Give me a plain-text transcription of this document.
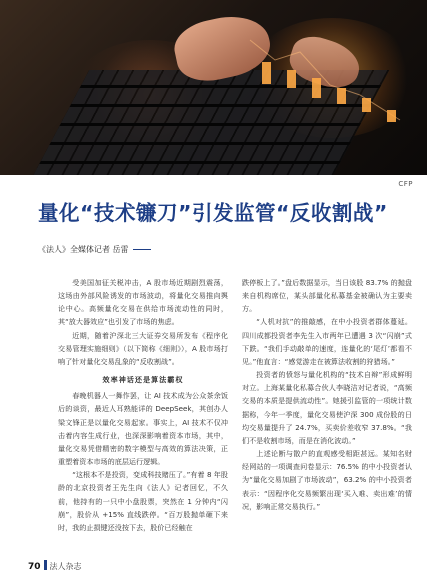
CFP
量化“技术镰刀”引发监管“反收割战”
《法人》全媒体记者 岳雷

受美国加征关税冲击，A 股市场近期剧烈震荡，这场由外部风险诱发的市场波动，将量化交易推向舆论中心。高频量化交易在供给市场流动性的同时，其“放大器效应”也引发了市场的焦虑。

近期，随着沪深北三大证券交易所发布《程序化交易管理实施细则》（以下简称《细则》），A 股市场打响了针对量化交易乱象的“反收割战”。

效率神话还是算法霸权

春晚机器人一舞作罢，让 AI 技术成为公众茶余饭后的谈资，最近人耳熟能详的 DeepSeek，其创办人梁文锋正是以量化交易起家。事实上，AI 技术不仅冲击着内容生成行业，也深深影响着资本市场，其中，量化交易凭借精密的数字模型与高效的算法决策，正重塑着资本市场的底层运行逻辑。

“这根本不是投资，变成科技赌压了。”有着 8 年股龄的北京投资者王先生向《法人》记者回忆，不久前，他持有的一只中小盘股票，突然在 1 分钟内“闪崩”，股价从 +15% 直线跌停。“百万股抛单砸下来时，我的止损键还没按下去，股价已经触在

跌停板上了。”盘后数据显示，当日该股 83.7% 的抛盘来自机构席位，某头部量化私募基金被确认为主要卖方。

“人机对抗”的推敲感，在中小投资者群体蔓延。四川成都投资者李先生入市两年已遭遇 3 次“闪崩”式下跌。“我们手动敲单的速度，连量化的‘尾灯’都看不见。”他直言：“感觉游走在被算法收割的狩猎场。”

投资者的愤怒与量化机构的“技术自辩”形成鲜明对立。上海某量化私募合伙人李晓洁对记者说，“高频交易的本质是提供流动性”。她援引监管的一项统计数据称，今年一季度，量化交易使沪深 300 成份股的日均交易量提升了 24.7%，买卖价差收窄 37.8%。“我们不是收割市场，而是在消化波动。”

上述论断与散户的直观感受相距甚远。某知名财经网站的一项调查问卷显示：76.5% 的中小投资者认为“量化交易加剧了市场波动”，63.2% 的中小投资者表示：“因程序化交易频繁出现‘买入难、卖出难’的情况，影响正常交易执行。”

70 法人杂志
